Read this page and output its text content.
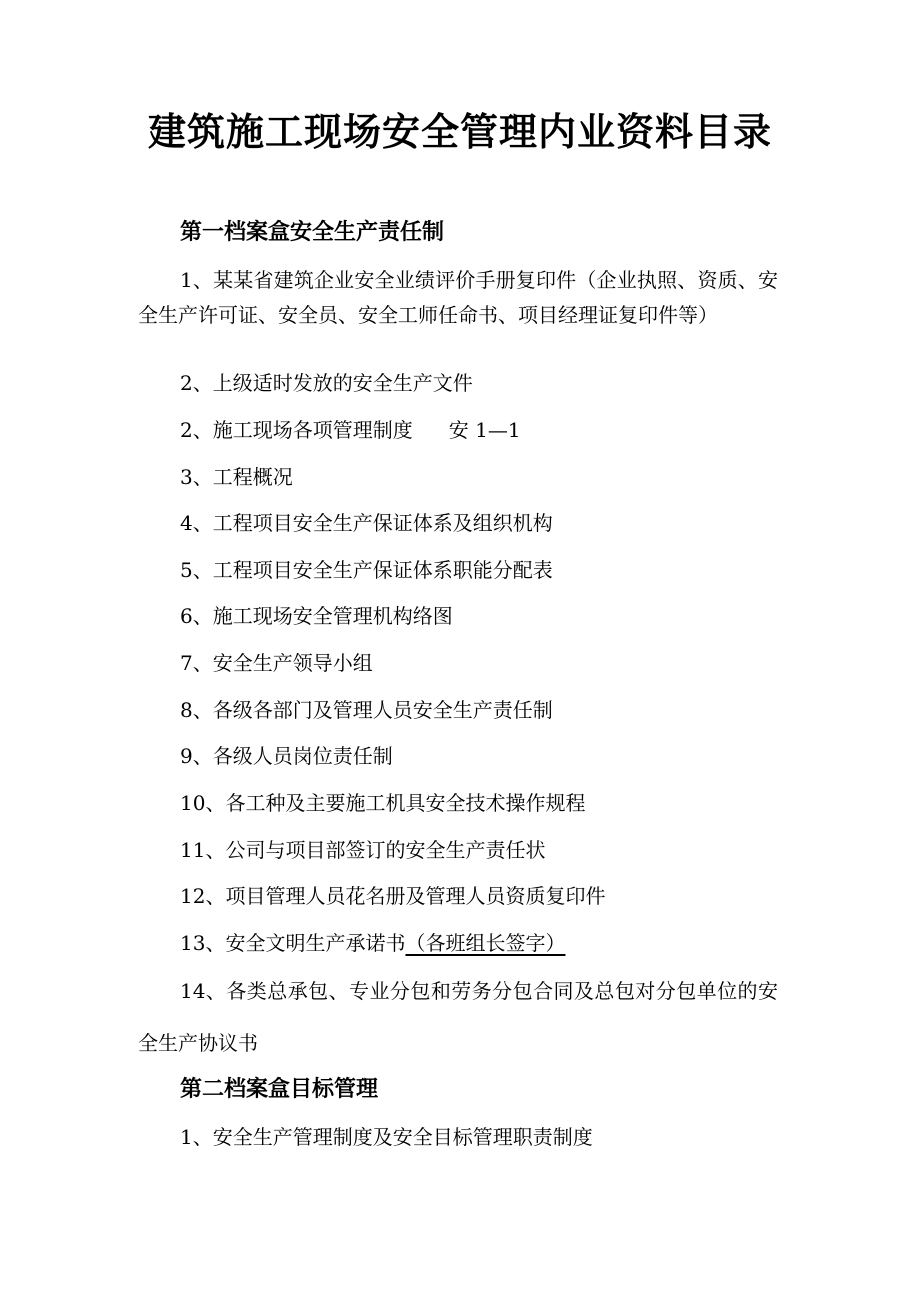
建筑施工现场安全管理内业资料目录
第一档案盒安全生产责任制

1、某某省建筑企业安全业绩评价手册复印件（企业执照、资质、安全生产许可证、安全员、安全工师任命书、项目经理证复印件等）

2、上级适时发放的安全生产文件

2、施工现场各项管理制度 安 1—1

3、工程概况

4、工程项目安全生产保证体系及组织机构

5、工程项目安全生产保证体系职能分配表

6、施工现场安全管理机构络图

7、安全生产领导小组

8、各级各部门及管理人员安全生产责任制

9、各级人员岗位责任制

10、各工种及主要施工机具安全技术操作规程

11、公司与项目部签订的安全生产责任状

12、项目管理人员花名册及管理人员资质复印件

13、安全文明生产承诺书（各班组长签字）

14、各类总承包、专业分包和劳务分包合同及总包对分包单位的安全生产协议书

第二档案盒目标管理

1、安全生产管理制度及安全目标管理职责制度
